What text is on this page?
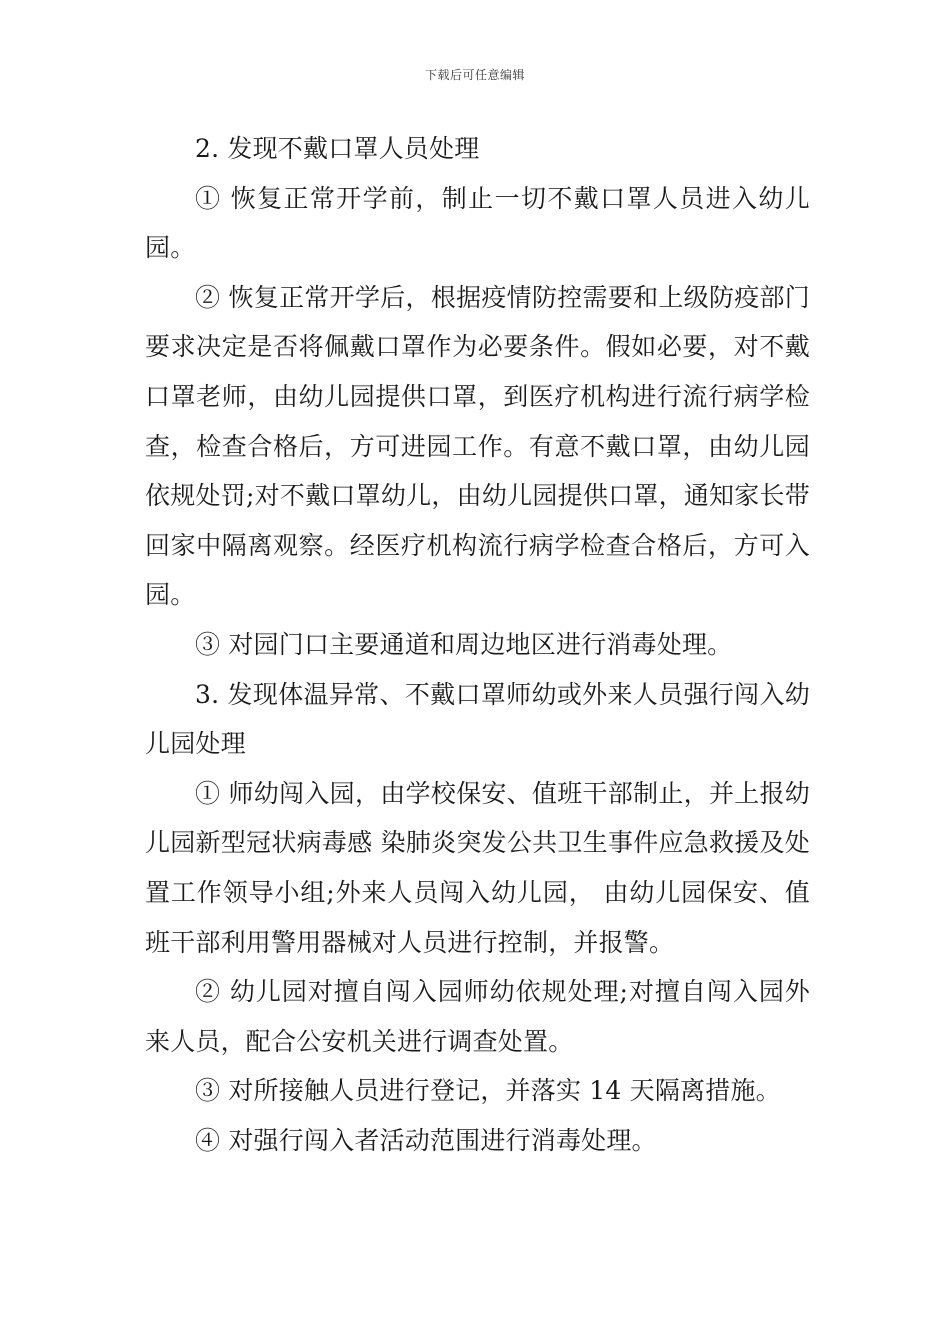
下载后可任意编辑

2. 发现不戴口罩人员处理

① 恢复正常开学前，制止一切不戴口罩人员进入幼儿园。

② 恢复正常开学后，根据疫情防控需要和上级防疫部门要求决定是否将佩戴口罩作为必要条件。假如必要，对不戴口罩老师，由幼儿园提供口罩，到医疗机构进行流行病学检查，检查合格后，方可进园工作。有意不戴口罩，由幼儿园依规处罚;对不戴口罩幼儿，由幼儿园提供口罩，通知家长带回家中隔离观察。经医疗机构流行病学检查合格后，方可入园。

③ 对园门口主要通道和周边地区进行消毒处理。

3. 发现体温异常、不戴口罩师幼或外来人员强行闯入幼儿园处理

① 师幼闯入园，由学校保安、值班干部制止，并上报幼儿园新型冠状病毒感 染肺炎突发公共卫生事件应急救援及处置工作领导小组;外来人员闯入幼儿园， 由幼儿园保安、值班干部利用警用器械对人员进行控制，并报警。

② 幼儿园对擅自闯入园师幼依规处理;对擅自闯入园外来人员，配合公安机关进行调查处置。

③ 对所接触人员进行登记，并落实 14 天隔离措施。

④ 对强行闯入者活动范围进行消毒处理。
